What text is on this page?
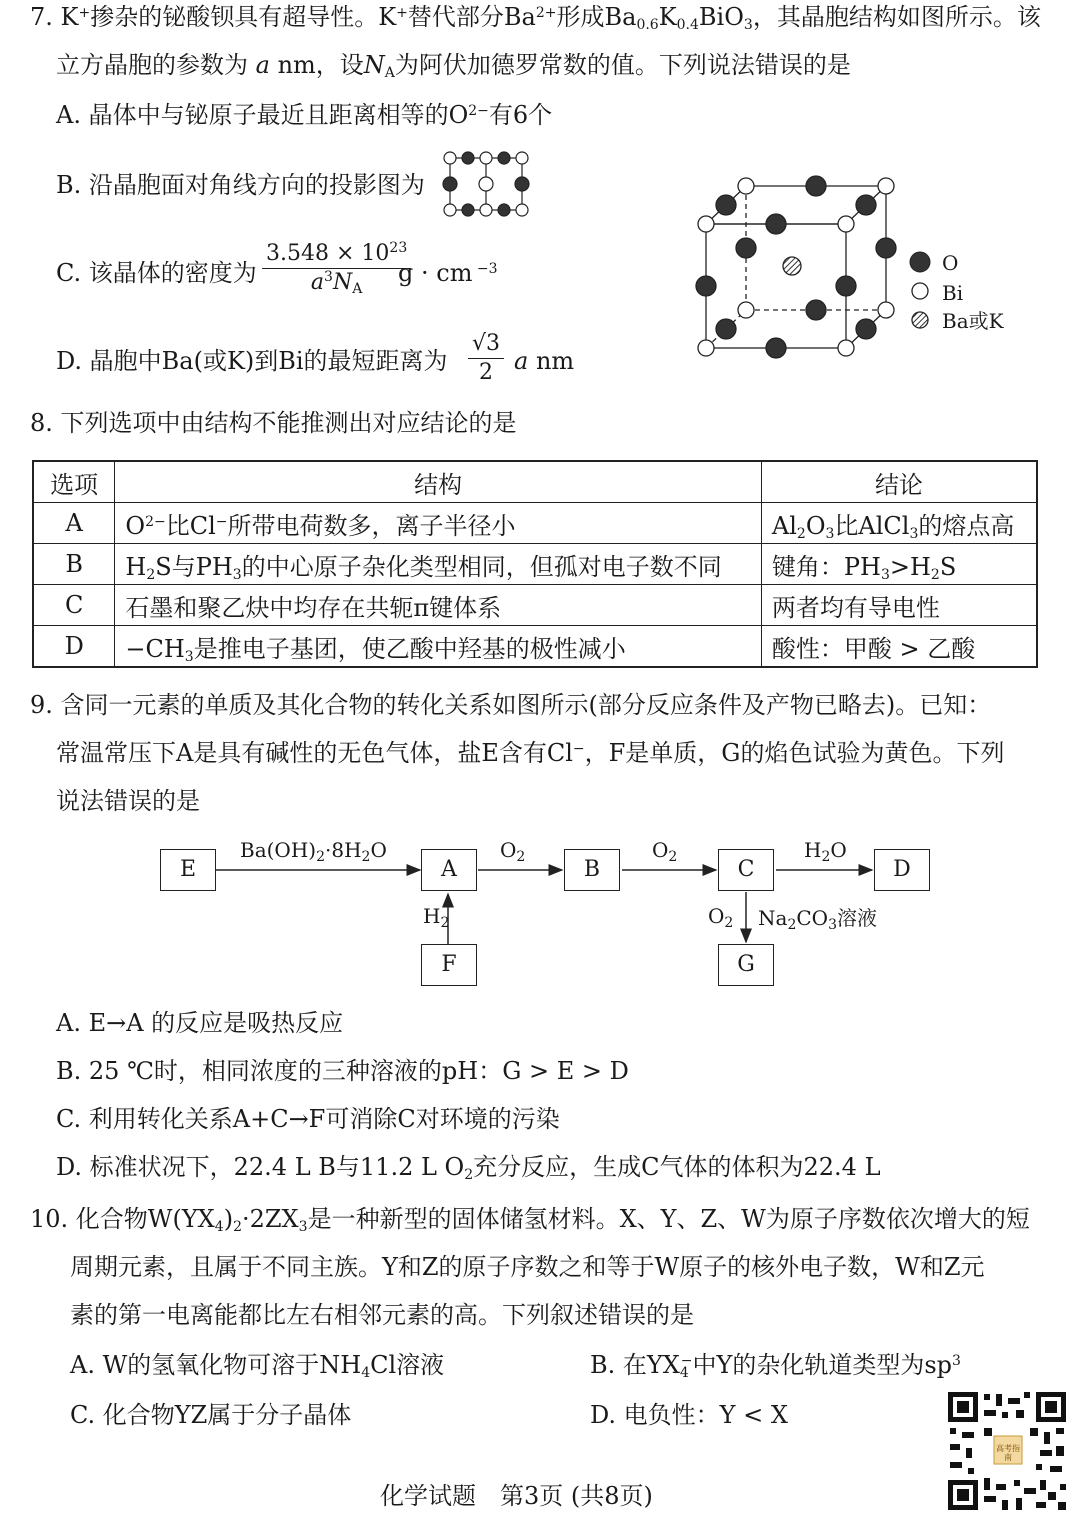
7. K+掺杂的铋酸钡具有超导性。K+替代部分$Ba^{2+}$形成$Ba_{0.6}K_{0.4}BiO_3$，其晶胞结构如图所示。该
立方晶胞的参数为 a nm，设$N_A$为阿伏加德罗常数的值。下列说法错误的是
A. 晶体中与铋原子最近且距离相等的$O^{2-}$有6个
B. 沿晶胞面对角线方向的投影图为
C. 该晶体的密度为 $\frac{3.548 \times 10^{23}}{a^3N_A}$
g · cm $^{-3}$
D. 晶胞中Ba(或K)到Bi的最短距离为 $\frac{√3}{2}$ a nm
O
Bi
Ba或K
8. 下列选项中由结构不能推测出对应结论的是
选项	结构	结论
A	$O^{2-}$比Cl−所带电荷数多，离子半径小	$Al_2O_3$比AlCl$_3$的熔点高
B	$H_2S$与$PH_3$的中心原子杂化类型相同，但孤对电子数不同	键角：$PH_3>H_2S$
C	石墨和聚乙炔中均存在共轭π键体系	两者均有导电性
D	$-CH_3$是推电子基团，使乙酸中羟基的极性减小	酸性：甲酸 > 乙酸
9. 含同一元素的单质及其化合物的转化关系如图所示(部分反应条件及产物已略去)。已知：
常温常压下A是具有碱性的无色气体，盐E含有Cl−，F是单质，G的焰色试验为黄色。下列
说法错误的是
E	A	B	C	D
F	G
$Ba(OH)_2\cdot 8H_2O$	$O_2$	$O_2$	$H_2O$
$H_2$	$O_2$ $Na_2CO_3$溶液
A. E→A 的反应是吸热反应
B. 25 ℃时，相同浓度的三种溶液的pH：G > E > D
C. 利用转化关系A+C→F可消除C对环境的污染
D. 标准状况下，22.4 L B与11.2 L $O_2$充分反应，生成C气体的体积为22.4 L
10. 化合物$W(YX_4)_2\cdot 2ZX_3$是一种新型的固体储氢材料。X、Y、Z、W为原子序数依次增大的短
周期元素，且属于不同主族。Y和Z的原子序数之和等于W原子的核外电子数，W和Z元
素的第一电离能都比左右相邻元素的高。下列叙述错误的是
A. W的氢氧化物可溶于$NH_4Cl$溶液	B. 在$YX_4^-$中Y的杂化轨道类型为$sp^3$
C. 化合物YZ属于分子晶体	D. 电负性：Y < X
高考指南
化学试题　第3页 (共8页)
